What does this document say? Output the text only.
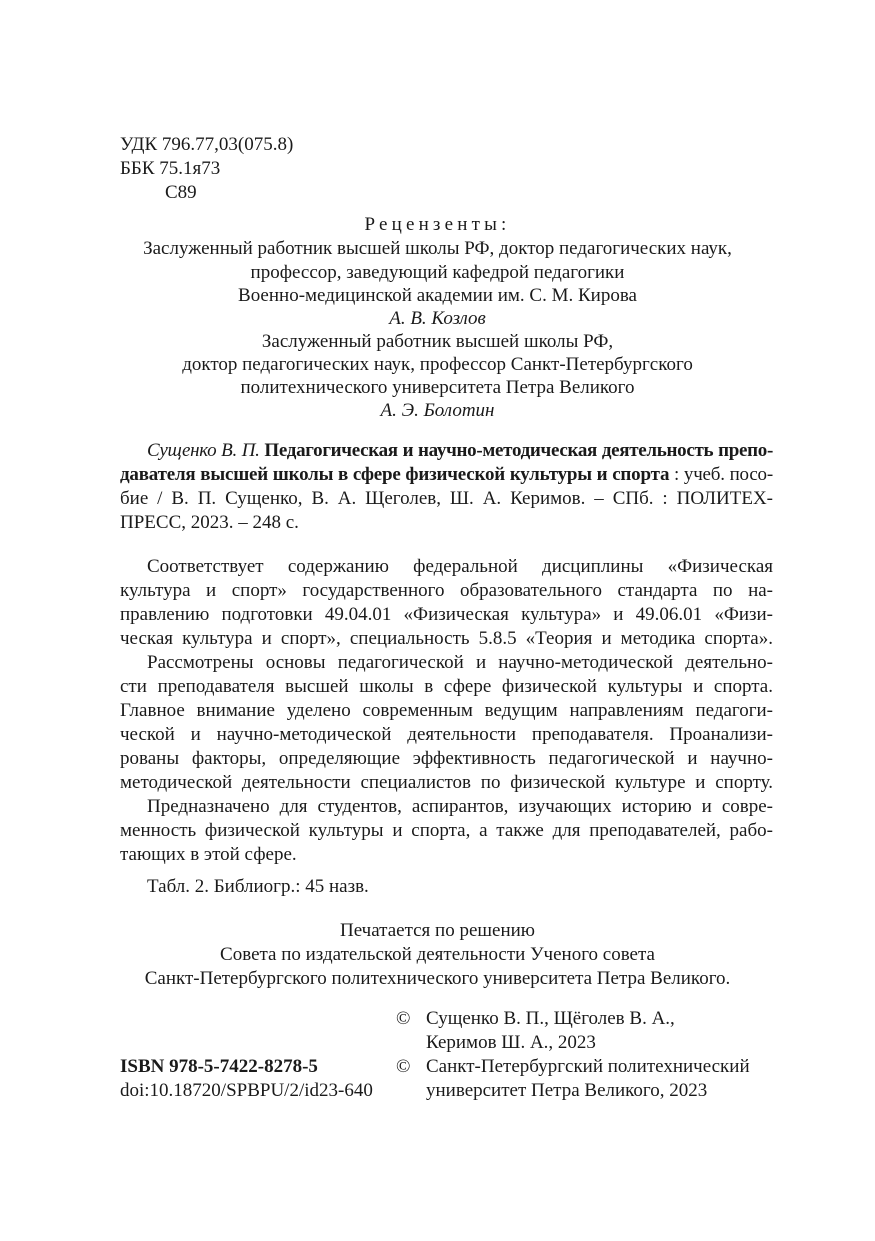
УДК 796.77,03(075.8)
ББК 75.1я73
С89
Рецензенты:
Заслуженный работник высшей школы РФ, доктор педагогических наук,
профессор, заведующий кафедрой педагогики
Военно-медицинской академии им. С. М. Кирова
А. В. Козлов
Заслуженный работник высшей школы РФ,
доктор педагогических наук, профессор Санкт-Петербургского
политехнического университета Петра Великого
А. Э. Болотин
Сущенко В. П. Педагогическая и научно-методическая деятельность препо-
давателя высшей школы в сфере физической культуры и спорта : учеб. посо-
бие / В. П. Сущенко, В. А. Щеголев, Ш. А. Керимов. – СПб. : ПОЛИТЕХ-
ПРЕСС, 2023. – 248 с.
Соответствует содержанию федеральной дисциплины «Физическая
культура и спорт» государственного образовательного стандарта по на-
правлению подготовки 49.04.01 «Физическая культура» и 49.06.01 «Физи-
ческая культура и спорт», специальность 5.8.5 «Теория и методика спорта».
Рассмотрены основы педагогической и научно-методической деятельно-
сти преподавателя высшей школы в сфере физической культуры и спорта.
Главное внимание уделено современным ведущим направлениям педагоги-
ческой и научно-методической деятельности преподавателя. Проанализи-
рованы факторы, определяющие эффективность педагогической и научно-
методической деятельности специалистов по физической культуре и спорту.
Предназначено для студентов, аспирантов, изучающих историю и совре-
менность физической культуры и спорта, а также для преподавателей, рабо-
тающих в этой сфере.
Табл. 2. Библиогр.: 45 назв.
Печатается по решению
Совета по издательской деятельности Ученого совета
Санкт-Петербургского политехнического университета Петра Великого.
© Сущенко В. П., Щёголев В. А.,
Керимов Ш. А., 2023
© Санкт-Петербургский политехнический
университет Петра Великого, 2023
ISBN 978-5-7422-8278-5
doi:10.18720/SPBPU/2/id23-640
